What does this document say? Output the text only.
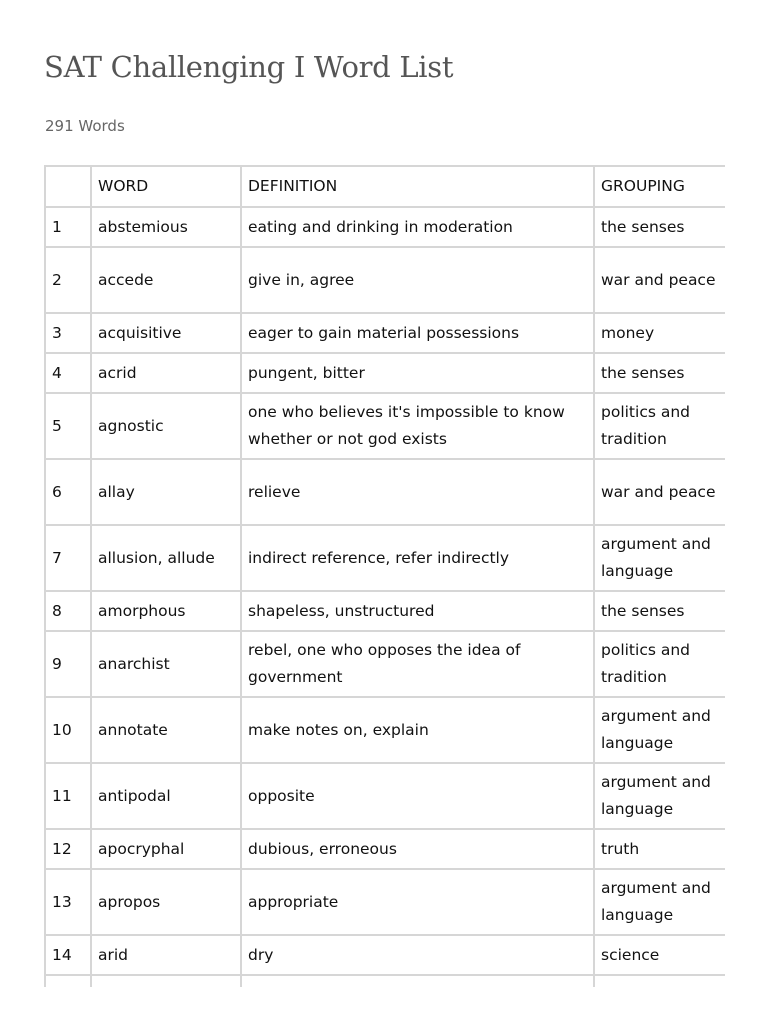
SAT Challenging I Word List
291 Words
	WORD	DEFINITION	GROUPING
1	abstemious	eating and drinking in moderation	the senses
2	accede	give in, agree	war and peace
3	acquisitive	eager to gain material possessions	money
4	acrid	pungent, bitter	the senses
5	agnostic	one who believes it's impossible to know whether or not god exists	politics and tradition
6	allay	relieve	war and peace
7	allusion, allude	indirect reference, refer indirectly	argument and language
8	amorphous	shapeless, unstructured	the senses
9	anarchist	rebel, one who opposes the idea of government	politics and tradition
10	annotate	make notes on, explain	argument and language
11	antipodal	opposite	argument and language
12	apocryphal	dubious, erroneous	truth
13	apropos	appropriate	argument and language
14	arid	dry	science
